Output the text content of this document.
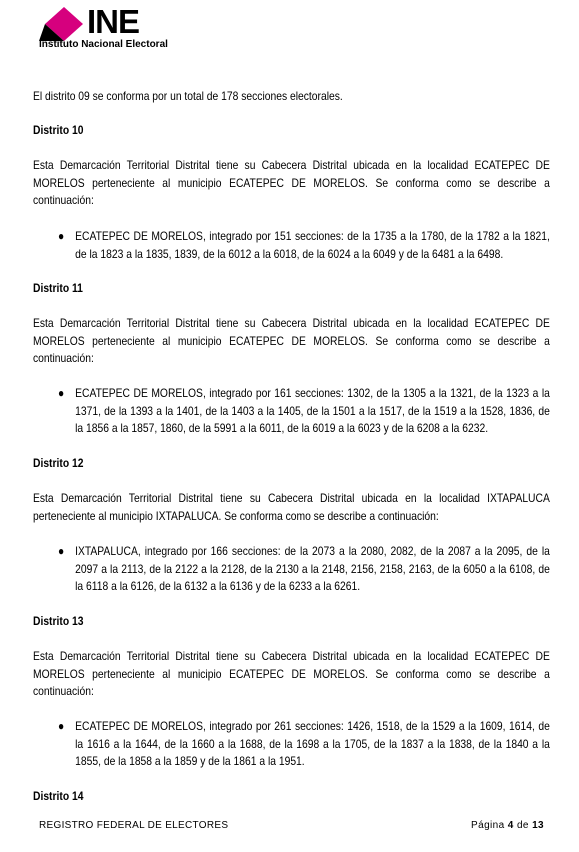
INE
Instituto Nacional Electoral

El distrito 09 se conforma por un total de 178 secciones electorales.

Distrito 10

Esta Demarcación Territorial Distrital tiene su Cabecera Distrital ubicada en la localidad ECATEPEC DE MORELOS perteneciente al municipio ECATEPEC DE MORELOS. Se conforma como se describe a continuación:

● ECATEPEC DE MORELOS, integrado por 151 secciones: de la 1735 a la 1780, de la 1782 a la 1821, de la 1823 a la 1835, 1839, de la 6012 a la 6018, de la 6024 a la 6049 y de la 6481 a la 6498.

Distrito 11

Esta Demarcación Territorial Distrital tiene su Cabecera Distrital ubicada en la localidad ECATEPEC DE MORELOS perteneciente al municipio ECATEPEC DE MORELOS. Se conforma como se describe a continuación:

● ECATEPEC DE MORELOS, integrado por 161 secciones: 1302, de la 1305 a la 1321, de la 1323 a la 1371, de la 1393 a la 1401, de la 1403 a la 1405, de la 1501 a la 1517, de la 1519 a la 1528, 1836, de la 1856 a la 1857, 1860, de la 5991 a la 6011, de la 6019 a la 6023 y de la 6208 a la 6232.

Distrito 12

Esta Demarcación Territorial Distrital tiene su Cabecera Distrital ubicada en la localidad IXTAPALUCA perteneciente al municipio IXTAPALUCA. Se conforma como se describe a continuación:

● IXTAPALUCA, integrado por 166 secciones: de la 2073 a la 2080, 2082, de la 2087 a la 2095, de la 2097 a la 2113, de la 2122 a la 2128, de la 2130 a la 2148, 2156, 2158, 2163, de la 6050 a la 6108, de la 6118 a la 6126, de la 6132 a la 6136 y de la 6233 a la 6261.

Distrito 13

Esta Demarcación Territorial Distrital tiene su Cabecera Distrital ubicada en la localidad ECATEPEC DE MORELOS perteneciente al municipio ECATEPEC DE MORELOS. Se conforma como se describe a continuación:

● ECATEPEC DE MORELOS, integrado por 261 secciones: 1426, 1518, de la 1529 a la 1609, 1614, de la 1616 a la 1644, de la 1660 a la 1688, de la 1698 a la 1705, de la 1837 a la 1838, de la 1840 a la 1855, de la 1858 a la 1859 y de la 1861 a la 1951.

Distrito 14

REGISTRO FEDERAL DE ELECTORES	Página 4 de 13
